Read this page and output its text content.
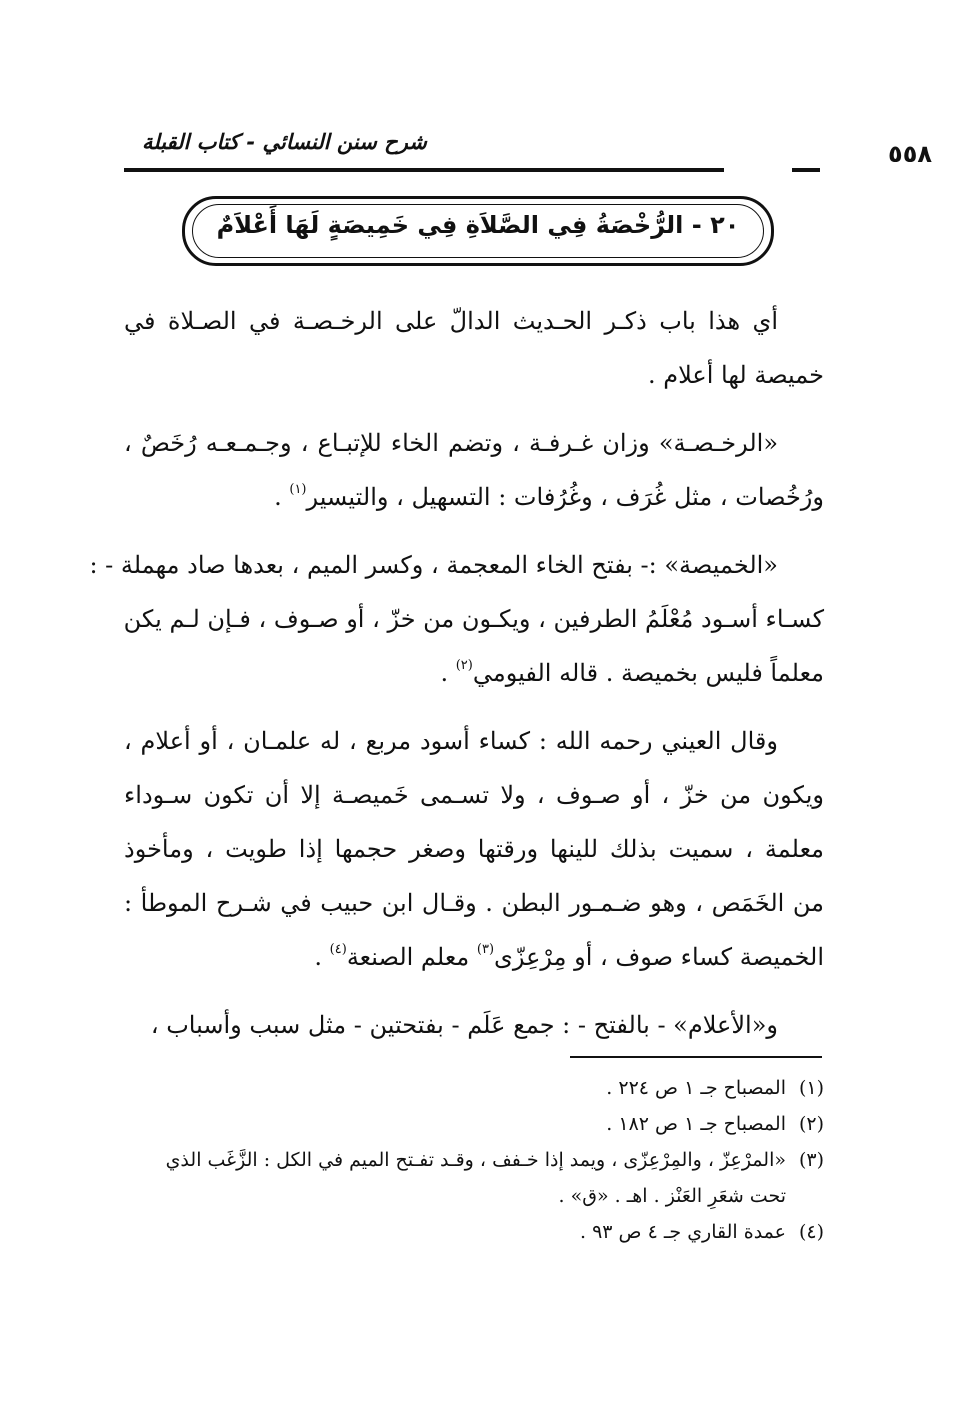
شرح سنن النسائي - كتاب القبلة	٥٥٨
٢٠ - الرُّخْصَةُ فِي الصَّلاَةِ فِي خَمِيصَةٍ لَهَا أَعْلاَمٌ

أي هذا باب ذكـر الحـديث الدالّ على الرخـصـة في الصـلاة في
خميصة لها أعلام .

«الرخـصـة» وزان غـرفـة ، وتضم الخاء للإتبـاع ، وجـمـعـه رُخَصٌ ،
ورُخُصات ، مثل غُرَف ، وغُرُفات : التسهيل ، والتيسير$^{(١)}$ .

«الخميصة» :- بفتح الخاء المعجمة ، وكسر الميم ، بعدها صاد مهملة - :
كسـاء أسـود مُعْلَمُ الطرفين ، ويكـون من خزّ ، أو صـوف ، فـإن لـم يكن
معلماً فليس بخميصة . قاله الفيومي$^{(٢)}$ .

وقال العيني رحمه الله : كساء أسود مربع ، له علمـان ، أو أعلام ،
ويكون من خزّ ، أو صـوف ، ولا تسـمى خَميصـة إلا أن تكون سـوداء
معلمة ، سميت بذلك للينها ورقتها وصغر حجمها إذا طويت ، ومأخوذ
من الخَمَص ، وهو ضـمـور البطن . وقـال ابن حبيب في شـرح الموطأ :
الخميصة كساء صوف ، أو مِرْعِزّى$^{(٣)}$ معلم الصنعة$^{(٤)}$ .

و«الأعلام» - بالفتح - : جمع عَلَم - بفتحتين - مثل سبب وأسباب ،

(١)
المصباح جـ ١ ص ٢٢٤ .
(٢)
المصباح جـ ١ ص ١٨٢ .
(٣)
«المرْعِزّ ، والمِرْعِزّى ، ويمد إذا خـفف ، وقـد تفـتح الميم في الكل : الزَّغَب الذي تحت شعَرِ العَنْز . اهـ . «ق» .
(٤)
عمدة القاري جـ ٤ ص ٩٣ .
